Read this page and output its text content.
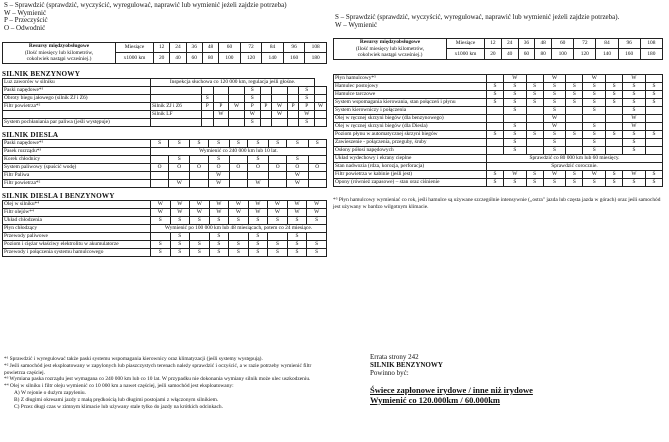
S – Sprawdzić (sprawdzić, wyczyścić, wyregulować, naprawić lub wymienić jeżeli zajdzie potrzeba)
W – Wymienić
P – Przeczyścić
O – Odwodnić
S – Sprawdzić (sprawdzić, wyczyścić, wyregulować, naprawić lub wymienić jeżeli zajdzie potrzeba).
W – Wymienić
Resursy międzyobsługowe
(Ilość miesięcy lub kilometrów,
cokolwiek nastąpi wcześniej.)	Miesiące	12	24	36	48	60	72	84	96	108
	x1000 km	20	40	60	80	100	120	140	160	180
SILNIK BENZYNOWY
Luz zaworów w silniku	Inspekcja słuchowa co 120 000 km, regulacja jeśli głośne.									
Paski napędowe*¹					S				S	
Obroty biegu jałowego (silnik ZJ i Z6)		S			S				S	
Filtr powietrza*²	Silnik ZJ i Z6	P	P	W	P	P	W	P	P	W
	Silnik LF		W		W		W		W	
System pochłaniania par paliwa (jeśli występuje)					S				S	
SILNIK DIESLA
Paski napędowe*¹	S	S	S	S	S	S	S	S	S
Pasek rozrządu*³	Wymienić co 240 000 km lub 10 lat.								
Korek chłodnicy		S		S		S		S	
System paliwowy (spuścić wodę)	O	O	O	O	O	O	O	O	O
Filtr Paliwa				W				W	
Filtr powietrza*²		W		W		W		W	
SILNIK DIESLA I BENZYNOWY
Olej w silniku*⁴	W	W	W	W	W	W	W	W	W
Filtr olejów*⁴	W	W	W	W	W	W	W	W	W
Układ chłodzenia	S	S	S	S	S	S	S	S	S
Płyn chłodzący	Wymienić po 100 000 km lub 48 miesiącach, potem co 24 miesiące.								
Przewody paliwowe		S		S		S		S	
Poziom i ciężar właściwy elektrolitu w akumulatorze	S	S	S	S	S	S	S	S	S
Przewody i połączenia systemu hamulcowego	S	S	S	S	S	S	S	S	S
*¹ Sprawdzić i wyregulować także paski systemu wspomagania kierownicy oraz klimatyzacji (jeśli systemy występują).
*² Jeśli samochód jest eksploatowany w zapylonych lub piaszczystych terenach należy sprawdzić i oczyścić, a w razie potrzeby wymienić filtr powietrza częściej.
*³ Wymiana paska rozrządu jest wymagana co 240 000 km lub co 10 lat. W przypadku nie dokonania wymiany silnik może ulec uszkodzeniu.
*⁴ Olej w silniku i filtr oleju wymienić co 10 000 km a nawet częściej, jeśli samochód jest eksploatowany:
A) W rejonie o dużym zapyleniu.
B) Z długimi okresami jazdy z małą prędkością lub długimi postojami z włączonym silnikiem.
C) Przez długi czas w zimnym klimacie lub używany stale tylko do jazdy na krótkich odcinkach.
Resursy międzyobsługowe
(Ilość miesięcy lub kilometrów,
cokolwiek nastąpi wcześniej.)	Miesiące	12	24	36	48	60	72	84	96	108
	x1000 km	20	40	60	80	100	120	140	160	180
Płyn hamulcowy*⁵		W		W		W		W	
Hamulec postojowy	S	S	S	S	S	S	S	S	S
Hamulce tarczowe	S	S	S	S	S	S	S	S	S
System wspomagania kierowania, stan połączeń i płynu	S	S	S	S	S	S	S	S	S
System kierowniczy i połączenia		S		S		S		S	
Olej w ręcznej skrzyni biegów (dla benzynowego)				W				W	
Olej w ręcznej skrzyni biegów (dla Diesla)		S		W		S		W	
Poziom płynu w automatycznej skrzyni biegów	S	S	S	S	S	S	S	S	S
Zawieszenie - połączenia, przeguby, śruby		S		S		S		S	
Osłony półosi napędowych		S		S		S		S	
Układ wydechowy i ekrany cieplne	Sprawdzić co 80 000 km lub 60 miesięcy.								
Stan nadwozia (rdza, korozja, perforacja)	Sprawdzić corocznie.								
Filtr powietrza w kabinie (jeśli jest)	S	W	S	W	S	W	S	W	S
Opony (również zapasowe) – stan oraz ciśnienie	S	S	S	S	S	S	S	S	S
*⁵ Płyn hamulcowy wymieniać co rok, jeśli hamulce są używane szczególnie intensywnie („ostra" jazda lub częsta jazda w górach) oraz jeśli samochód jest używany w bardzo wilgotnym klimacie.
Errata strony 242
SILNIK BENZYNOWY
Powinno być:
Świece zapłonowe irydowe / inne niż irydowe
Wymienić co 120.000km / 60.000km
